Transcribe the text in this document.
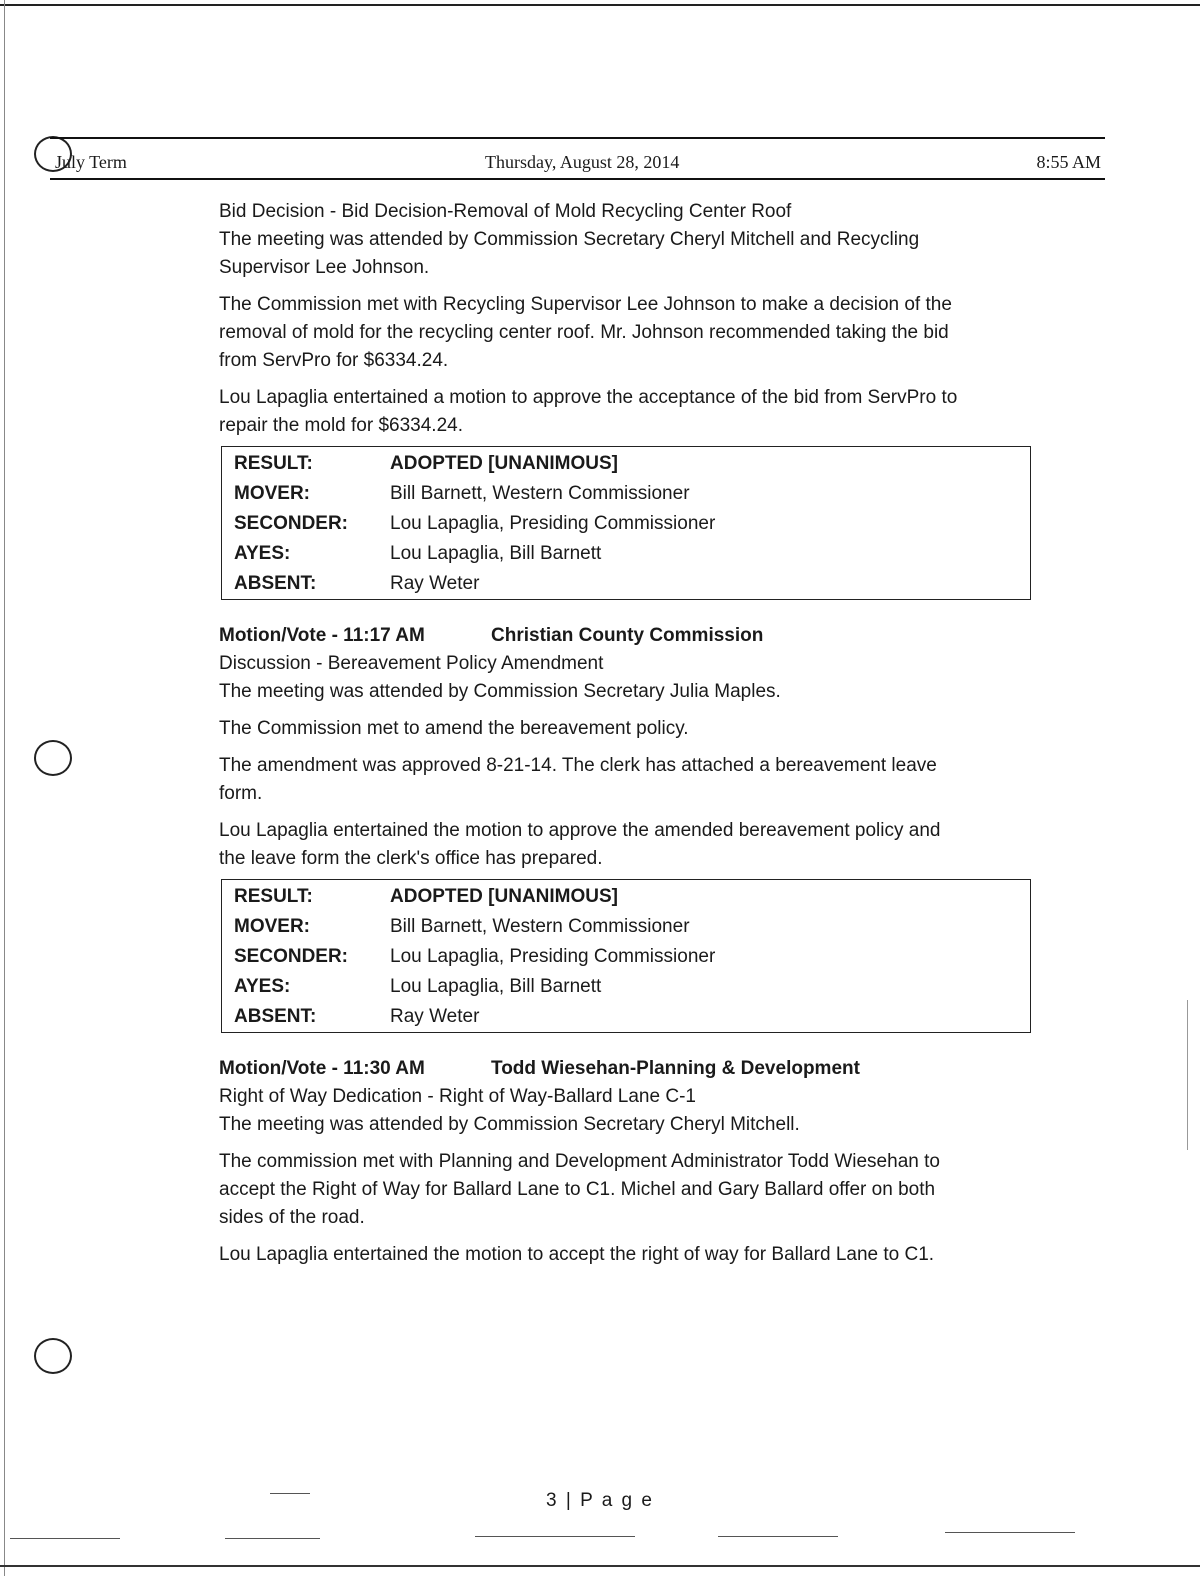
July Term	Thursday, August 28, 2014	8:55 AM
Bid Decision - Bid Decision-Removal of Mold Recycling Center Roof
The meeting was attended by Commission Secretary Cheryl Mitchell and Recycling
Supervisor Lee Johnson.
The Commission met with Recycling Supervisor Lee Johnson to make a decision of the
removal of mold for the recycling center roof. Mr. Johnson recommended taking the bid
from ServPro for $6334.24.
Lou Lapaglia entertained a motion to approve the acceptance of the bid from ServPro to
repair the mold for $6334.24.
RESULT:	ADOPTED [UNANIMOUS]
MOVER:	Bill Barnett, Western Commissioner
SECONDER:	Lou Lapaglia, Presiding Commissioner
AYES:	Lou Lapaglia, Bill Barnett
ABSENT:	Ray Weter
Motion/Vote - 11:17 AM	Christian County Commission
Discussion - Bereavement Policy Amendment
The meeting was attended by Commission Secretary Julia Maples.
The Commission met to amend the bereavement policy.
The amendment was approved 8-21-14. The clerk has attached a bereavement leave
form.
Lou Lapaglia entertained the motion to approve the amended bereavement policy and
the leave form the clerk's office has prepared.
RESULT:	ADOPTED [UNANIMOUS]
MOVER:	Bill Barnett, Western Commissioner
SECONDER:	Lou Lapaglia, Presiding Commissioner
AYES:	Lou Lapaglia, Bill Barnett
ABSENT:	Ray Weter
Motion/Vote - 11:30 AM	Todd Wiesehan-Planning & Development
Right of Way Dedication - Right of Way-Ballard Lane C-1
The meeting was attended by Commission Secretary Cheryl Mitchell.
The commission met with Planning and Development Administrator Todd Wiesehan to
accept the Right of Way for Ballard Lane to C1. Michel and Gary Ballard offer on both
sides of the road.
Lou Lapaglia entertained the motion to accept the right of way for Ballard Lane to C1.
3 | P a g e
